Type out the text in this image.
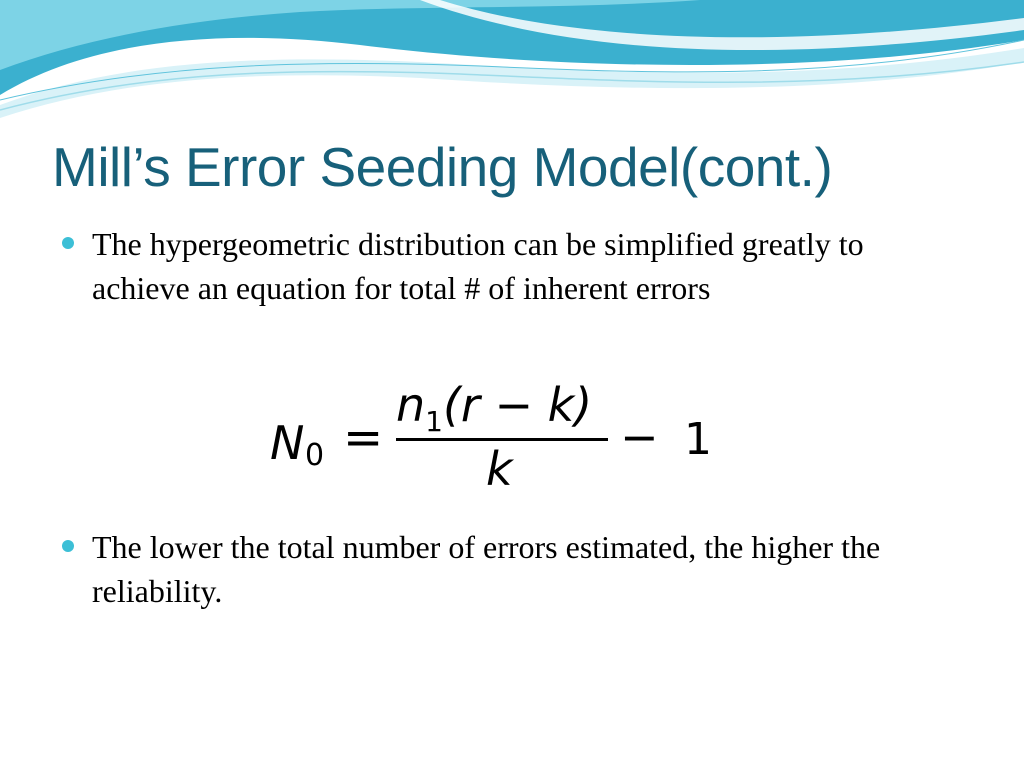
Mill’s Error Seeding Model(cont.)
The hypergeometric distribution can be simplified greatly to achieve an equation for total # of inherent errors
N 0 =
$n_1(r - k)$
k
− 1
The lower the total number of errors estimated, the higher the reliability.
